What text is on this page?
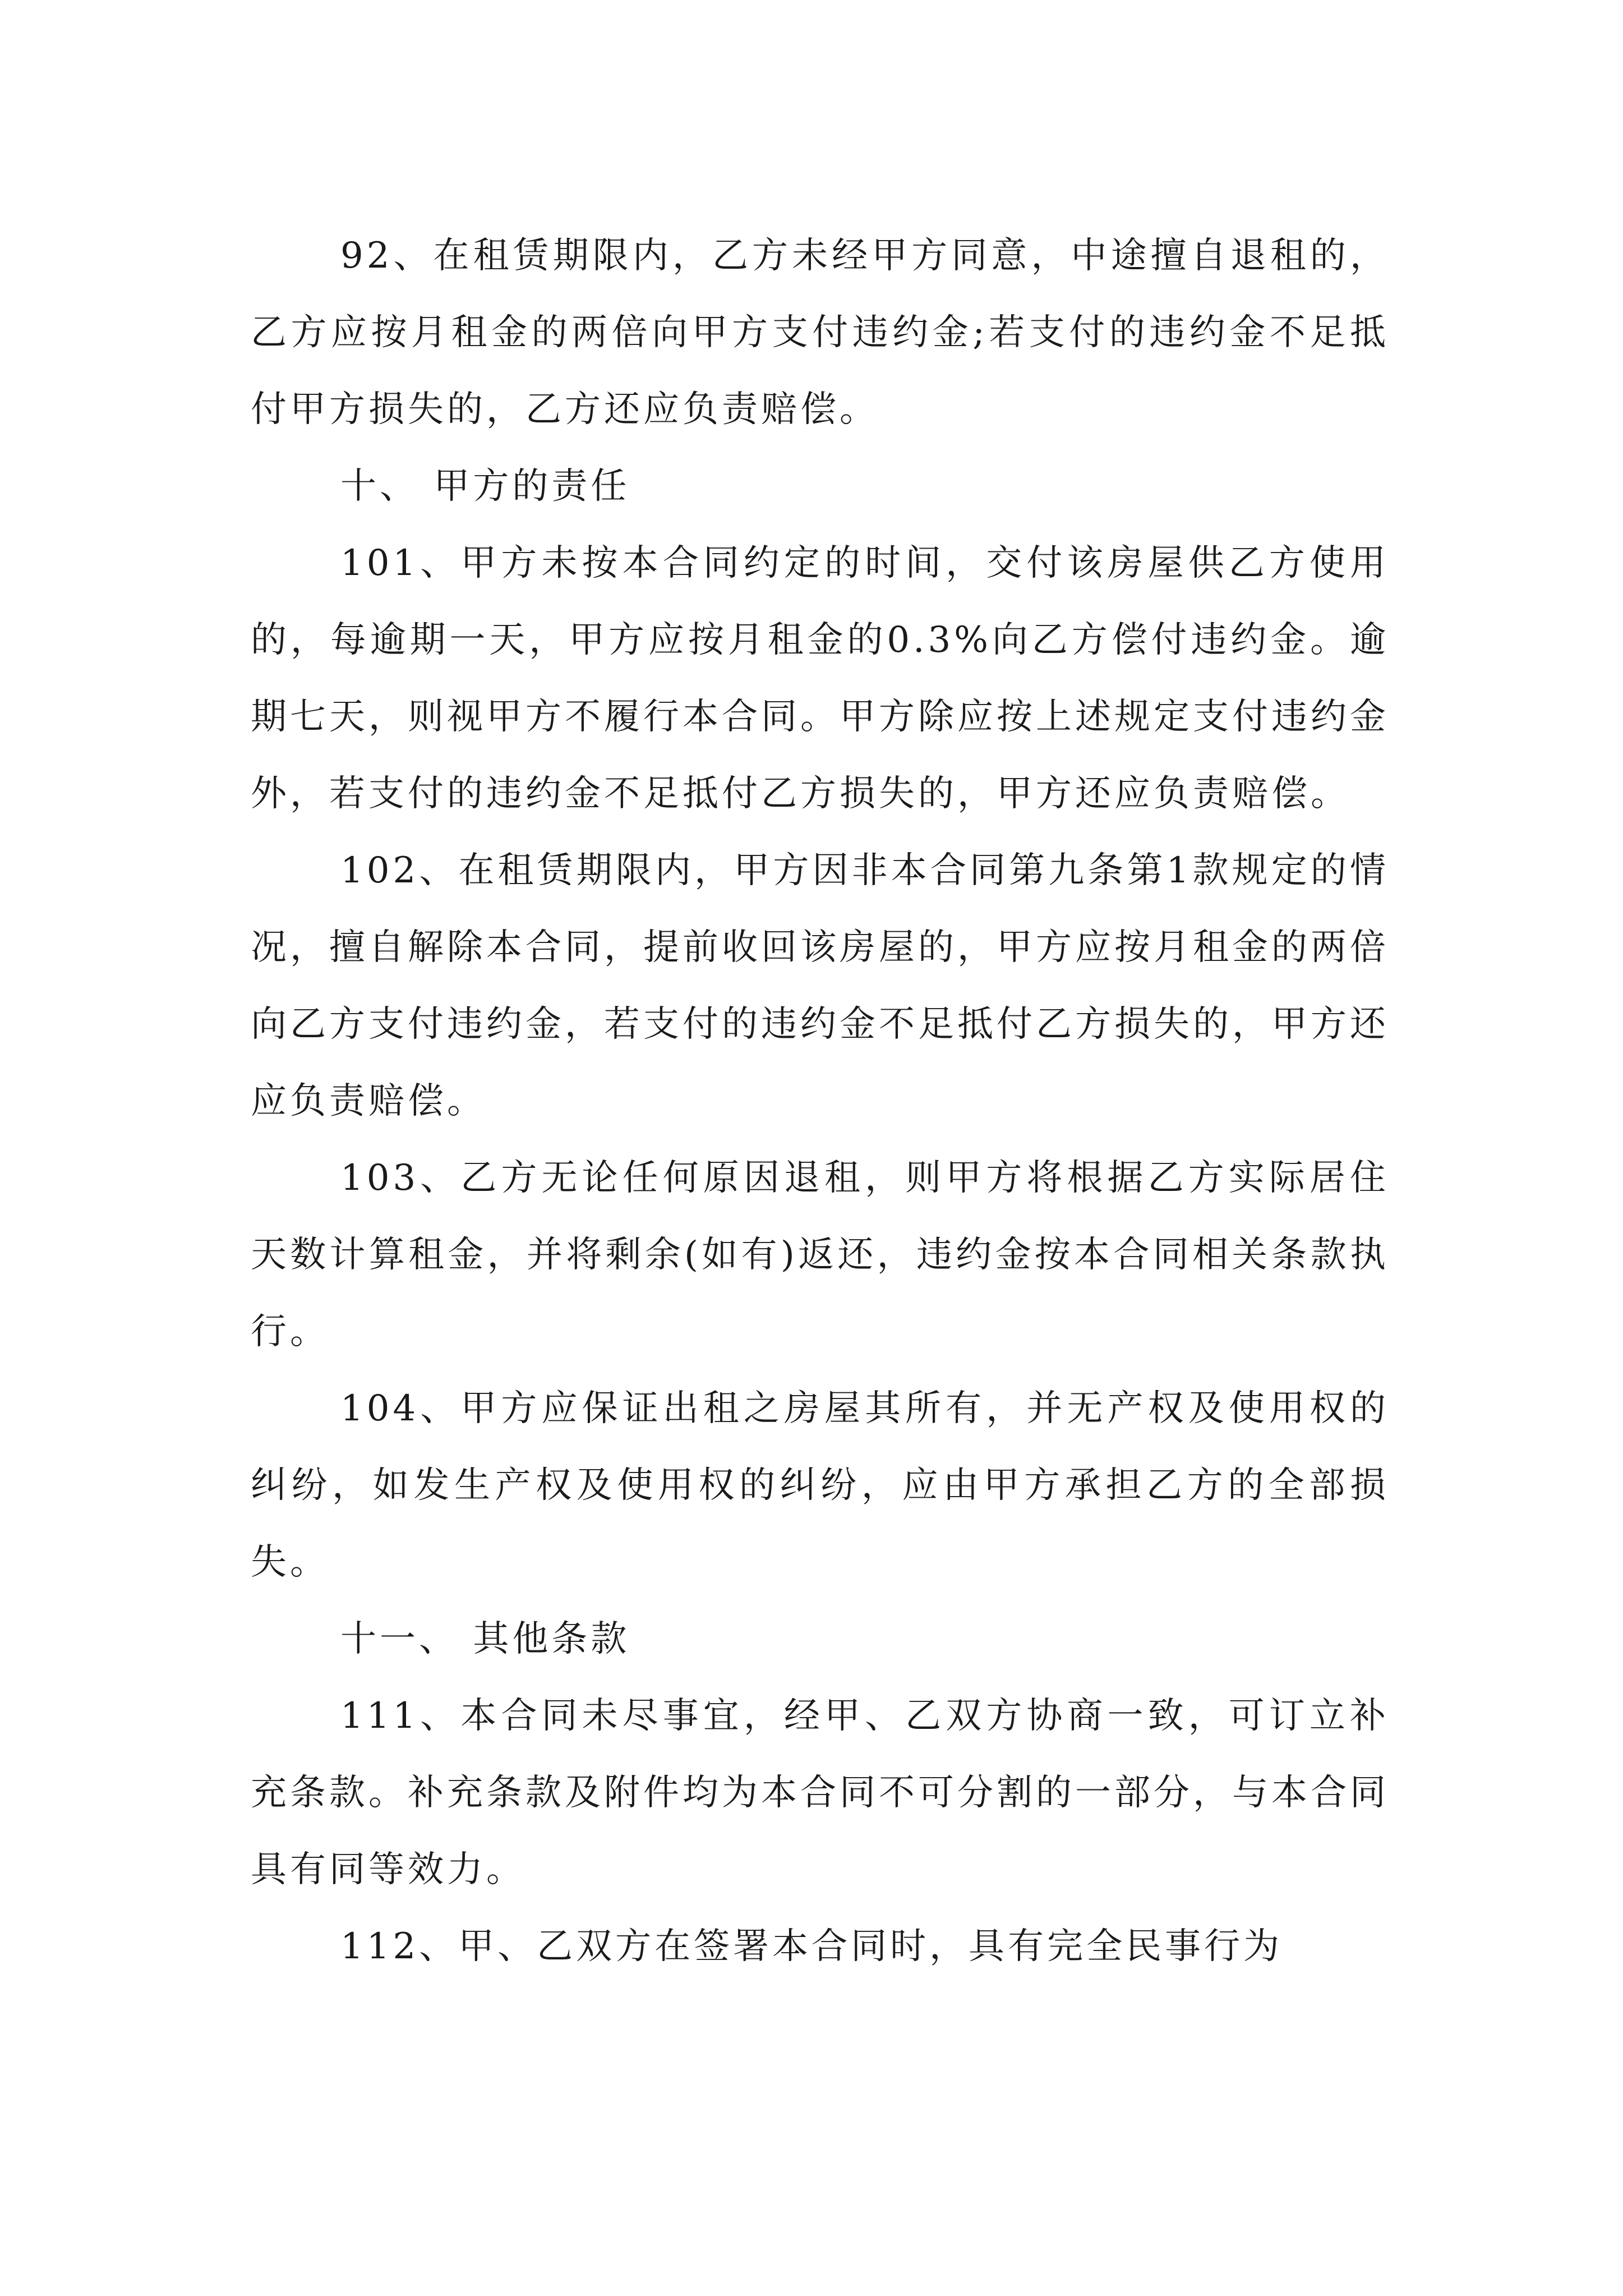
92、在租赁期限内，乙方未经甲方同意，中途擅自退租的，乙方应按月租金的两倍向甲方支付违约金;若支付的违约金不足抵付甲方损失的，乙方还应负责赔偿。

十、 甲方的责任

101、甲方未按本合同约定的时间，交付该房屋供乙方使用的，每逾期一天，甲方应按月租金的0.3%向乙方偿付违约金。逾期七天，则视甲方不履行本合同。甲方除应按上述规定支付违约金外，若支付的违约金不足抵付乙方损失的，甲方还应负责赔偿。

102、在租赁期限内，甲方因非本合同第九条第1款规定的情况，擅自解除本合同，提前收回该房屋的，甲方应按月租金的两倍向乙方支付违约金，若支付的违约金不足抵付乙方损失的，甲方还应负责赔偿。

103、乙方无论任何原因退租，则甲方将根据乙方实际居住天数计算租金，并将剩余(如有)返还，违约金按本合同相关条款执行。

104、甲方应保证出租之房屋其所有，并无产权及使用权的纠纷，如发生产权及使用权的纠纷，应由甲方承担乙方的全部损失。

十一、 其他条款

111、本合同未尽事宜，经甲、乙双方协商一致，可订立补充条款。补充条款及附件均为本合同不可分割的一部分，与本合同具有同等效力。

112、甲、乙双方在签署本合同时，具有完全民事行为
